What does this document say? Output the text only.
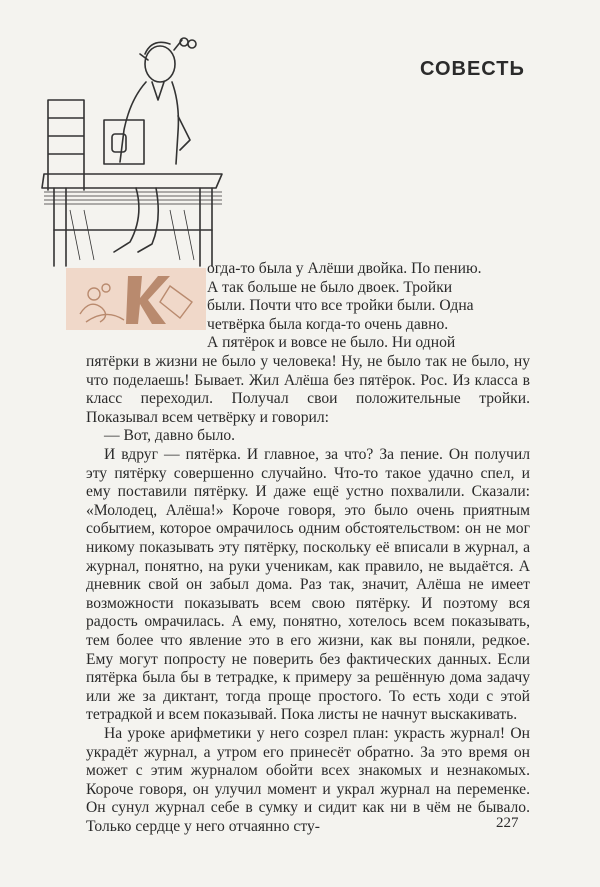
СОВЕСТЬ

огда-то была у Алёши двойка. По пению.

А так больше не было двоек. Тройки

были. Почти что все тройки были. Одна

четвёрка была когда-то очень давно.

А пятёрок и вовсе не было. Ни одной

пятёрки в жизни не было у человека! Ну, не было так не было, ну что поделаешь! Бывает. Жил Алёша без пятёрок. Рос. Из класса в класс переходил. Получал свои положительные тройки. Показывал всем четвёрку и говорил:

— Вот, давно было.

И вдруг — пятёрка. И главное, за что? За пение. Он получил эту пятёрку совершенно случайно. Что-то такое удачно спел, и ему поставили пятёрку. И даже ещё устно похвалили. Сказали: «Молодец, Алёша!» Короче говоря, это было очень приятным событием, которое омрачилось одним обстоятельством: он не мог никому показывать эту пятёрку, поскольку её вписали в журнал, а журнал, понятно, на руки ученикам, как правило, не выдаётся. А дневник свой он забыл дома. Раз так, значит, Алёша не имеет возможности показывать всем свою пятёрку. И поэтому вся радость омрачилась. А ему, понятно, хотелось всем показывать, тем более что явление это в его жизни, как вы поняли, редкое. Ему могут попросту не поверить без фактических данных. Если пятёрка была бы в тетрадке, к примеру за решённую дома задачу или же за диктант, тогда проще простого. То есть ходи с этой тетрадкой и всем показывай. Пока листы не начнут выскакивать.

На уроке арифметики у него созрел план: украсть журнал! Он украдёт журнал, а утром его принесёт обратно. За это время он может с этим журналом обойти всех знакомых и незнакомых. Короче говоря, он улучил момент и украл журнал на переменке. Он сунул журнал себе в сумку и сидит как ни в чём не бывало. Только сердце у него отчаянно сту-	227
